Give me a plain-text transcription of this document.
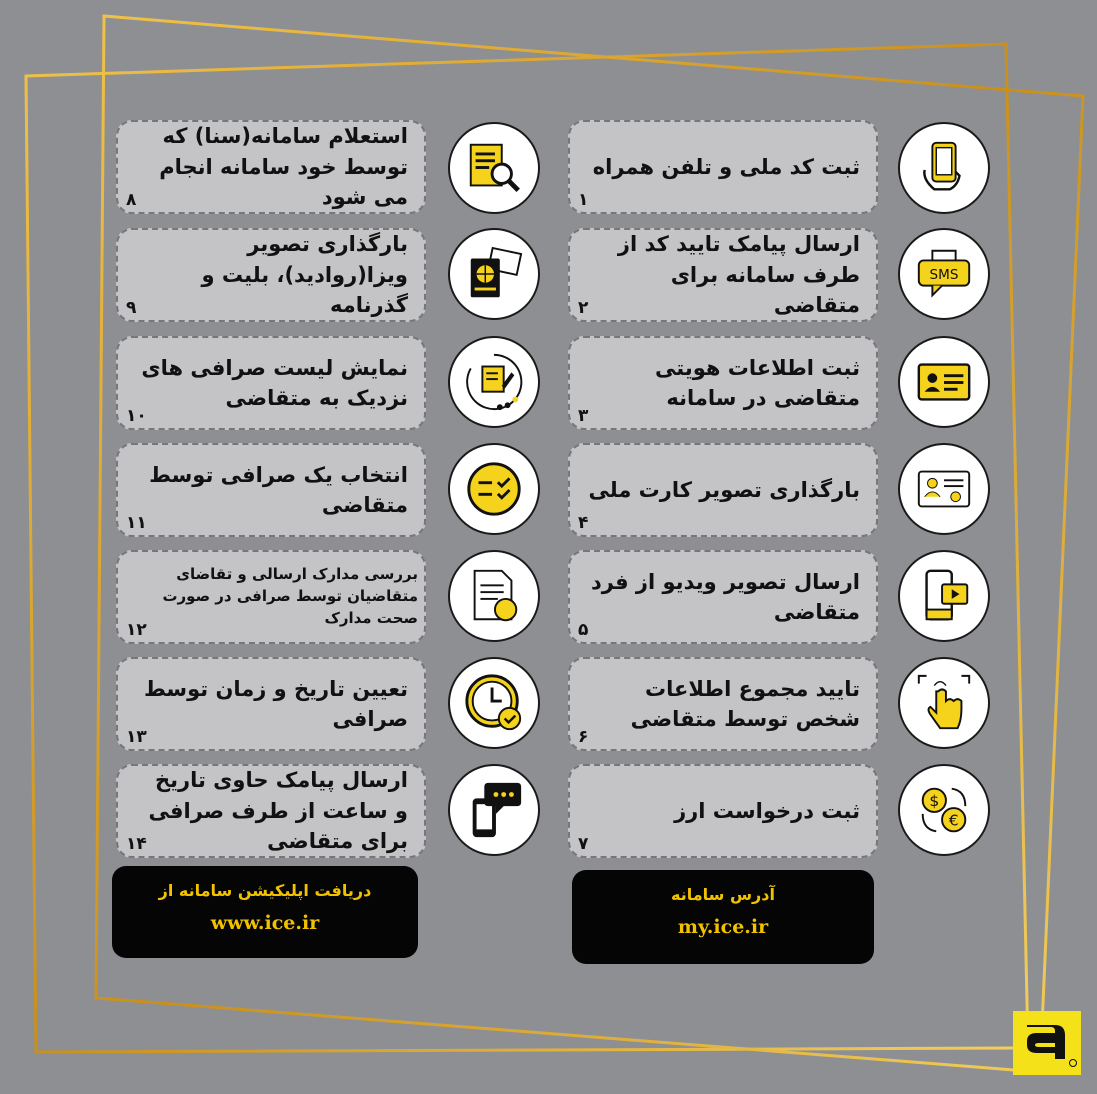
ثبت کد ملی و تلفن همراه
۱
ارسال پیامک تایید کد از طرف سامانه برای متقاضی
۲
ثبت اطلاعات هویتی متقاضی در سامانه
۳
بارگذاری تصویر کارت ملی
۴
ارسال تصویر ویدیو از فرد متقاضی
۵
تایید مجموع اطلاعات شخص توسط متقاضی
۶
ثبت درخواست ارز
۷
استعلام سامانه(سنا) که توسط خود سامانه انجام می شود
۸
بارگذاری تصویر ویزا(روادید)، بلیت و گذرنامه
۹
نمایش لیست صرافی های نزدیک به متقاضی
۱۰
انتخاب یک صرافی توسط متقاضی
۱۱
بررسی مدارک ارسالی و تقاضای متقاضیان توسط صرافی در صورت صحت مدارک
۱۲
تعیین تاریخ و زمان توسط صرافی
۱۳
ارسال پیامک حاوی تاریخ و ساعت از طرف صرافی برای متقاضی
۱۴
SMS
$
€
دریافت اپلیکیشن سامانه از
www.ice.ir
آدرس سامانه
my.ice.ir
